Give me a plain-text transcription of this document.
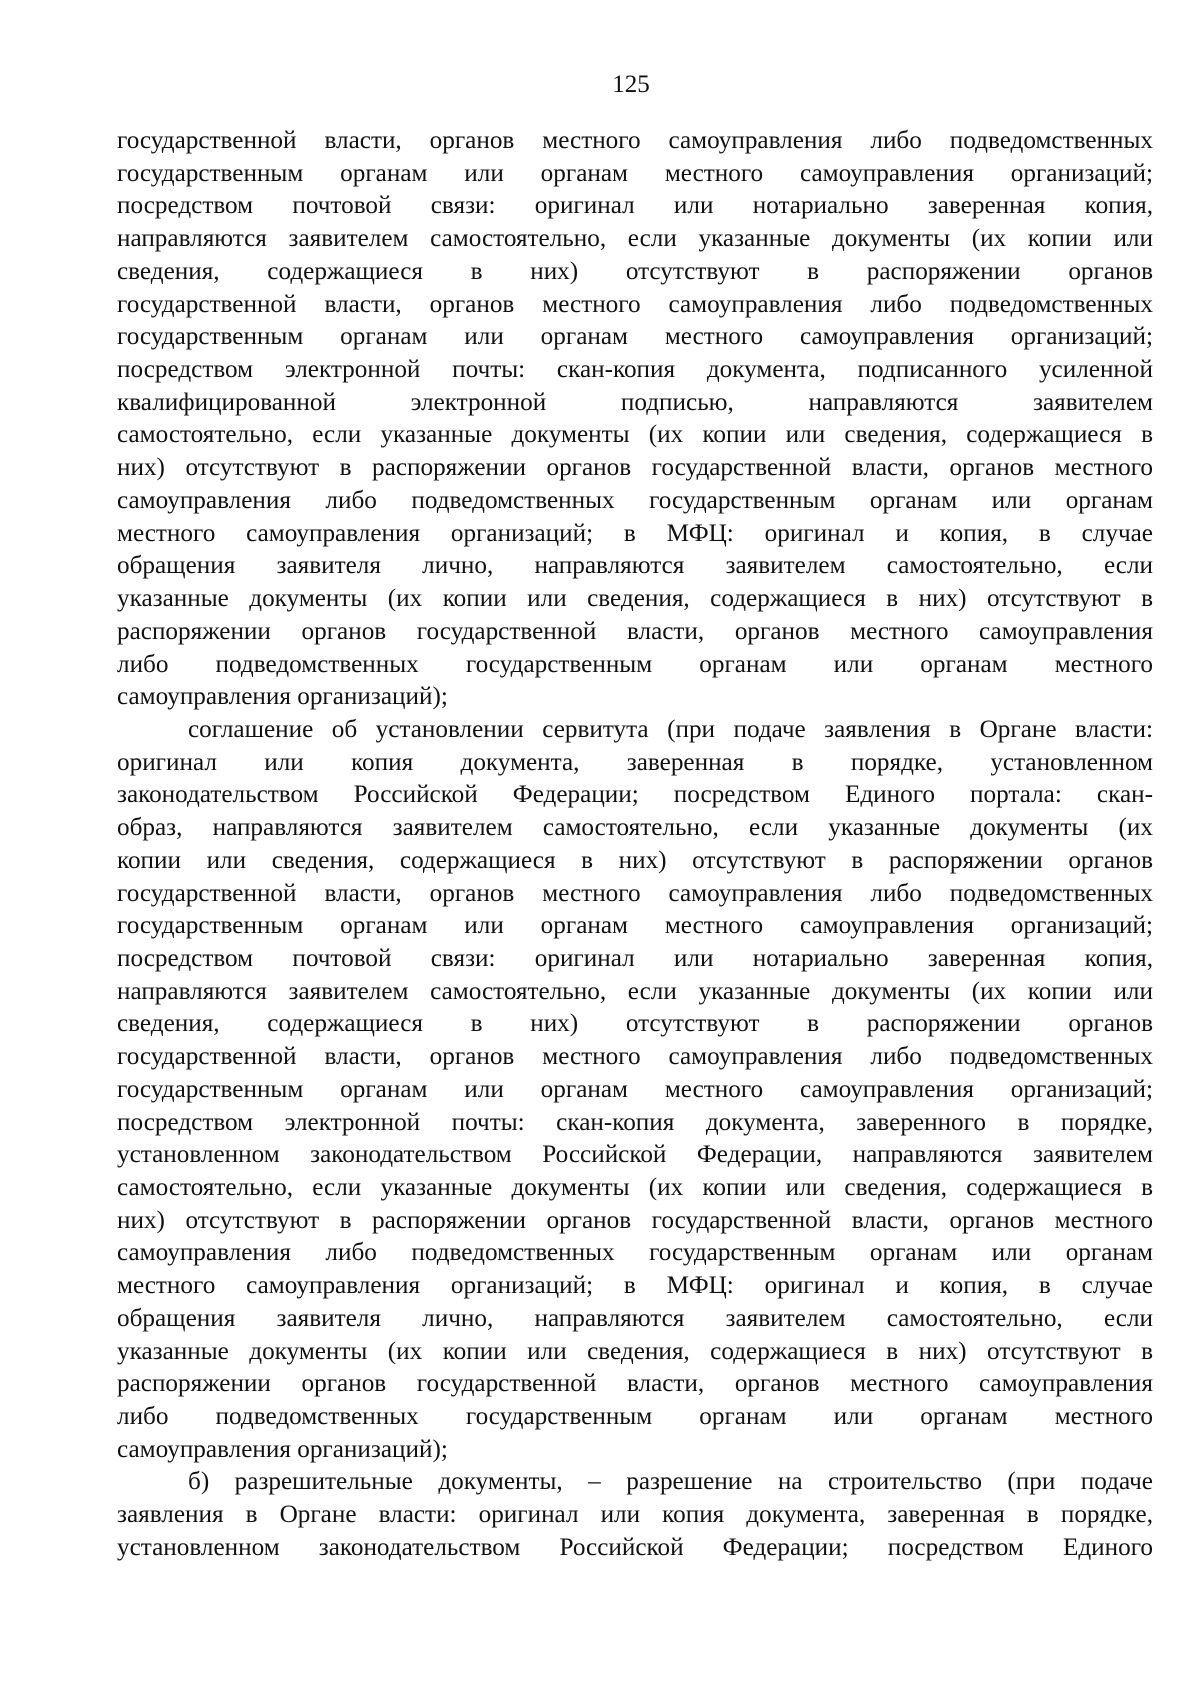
125
государственной власти, органов местного самоуправления либо подведомственных
государственным органам или органам местного самоуправления организаций;
посредством почтовой связи: оригинал или нотариально заверенная копия,
направляются заявителем самостоятельно, если указанные документы (их копии или
сведения, содержащиеся в них) отсутствуют в распоряжении органов
государственной власти, органов местного самоуправления либо подведомственных
государственным органам или органам местного самоуправления организаций;
посредством электронной почты: скан-копия документа, подписанного усиленной
квалифицированной электронной подписью, направляются заявителем
самостоятельно, если указанные документы (их копии или сведения, содержащиеся в
них) отсутствуют в распоряжении органов государственной власти, органов местного
самоуправления либо подведомственных государственным органам или органам
местного самоуправления организаций; в МФЦ: оригинал и копия, в случае
обращения заявителя лично, направляются заявителем самостоятельно, если
указанные документы (их копии или сведения, содержащиеся в них) отсутствуют в
распоряжении органов государственной власти, органов местного самоуправления
либо подведомственных государственным органам или органам местного
самоуправления организаций);
соглашение об установлении сервитута (при подаче заявления в Органе власти:
оригинал или копия документа, заверенная в порядке, установленном
законодательством Российской Федерации; посредством Единого портала: скан-
образ, направляются заявителем самостоятельно, если указанные документы (их
копии или сведения, содержащиеся в них) отсутствуют в распоряжении органов
государственной власти, органов местного самоуправления либо подведомственных
государственным органам или органам местного самоуправления организаций;
посредством почтовой связи: оригинал или нотариально заверенная копия,
направляются заявителем самостоятельно, если указанные документы (их копии или
сведения, содержащиеся в них) отсутствуют в распоряжении органов
государственной власти, органов местного самоуправления либо подведомственных
государственным органам или органам местного самоуправления организаций;
посредством электронной почты: скан-копия документа, заверенного в порядке,
установленном законодательством Российской Федерации, направляются заявителем
самостоятельно, если указанные документы (их копии или сведения, содержащиеся в
них) отсутствуют в распоряжении органов государственной власти, органов местного
самоуправления либо подведомственных государственным органам или органам
местного самоуправления организаций; в МФЦ: оригинал и копия, в случае
обращения заявителя лично, направляются заявителем самостоятельно, если
указанные документы (их копии или сведения, содержащиеся в них) отсутствуют в
распоряжении органов государственной власти, органов местного самоуправления
либо подведомственных государственным органам или органам местного
самоуправления организаций);
б) разрешительные документы, – разрешение на строительство (при подаче
заявления в Органе власти: оригинал или копия документа, заверенная в порядке,
установленном законодательством Российской Федерации; посредством Единого
